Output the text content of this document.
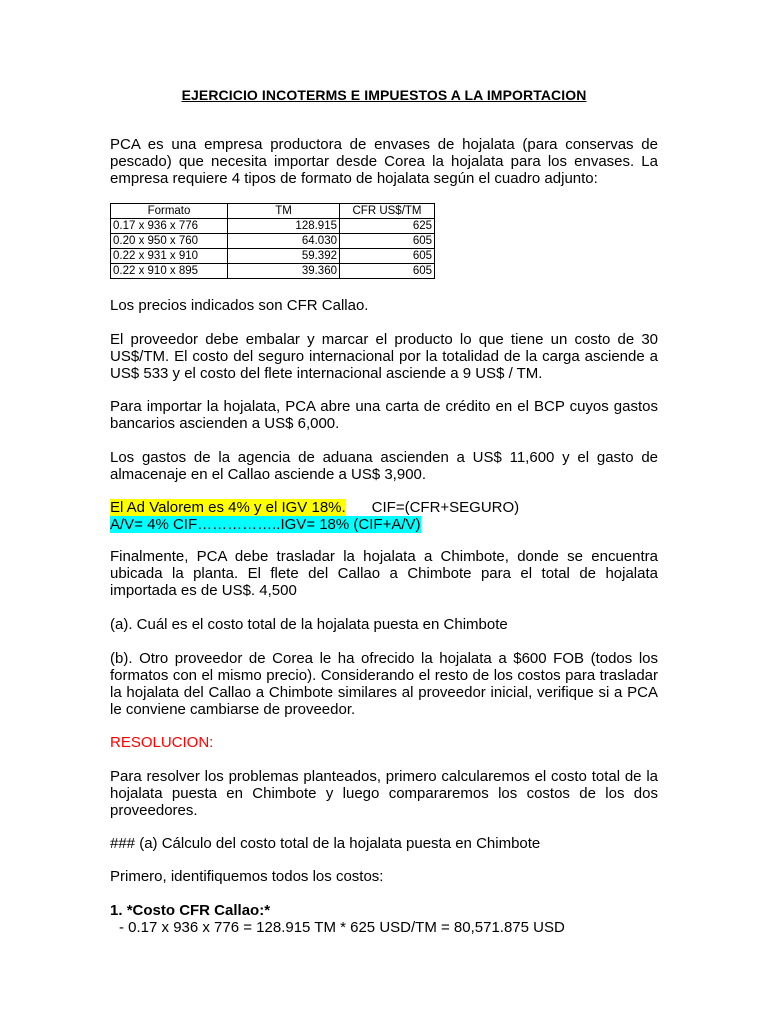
EJERCICIO INCOTERMS E IMPUESTOS A LA IMPORTACION
PCA es una empresa productora de envases de hojalata (para conservas de pescado) que necesita importar desde Corea la hojalata para los envases. La empresa requiere 4 tipos de formato de hojalata según el cuadro adjunto:
Formato	TM	CFR US$/TM
0.17 x 936 x 776	128.915	625
0.20 x 950 x 760	64.030	605
0.22 x 931 x 910	59.392	605
0.22 x 910 x 895	39.360	605
Los precios indicados son CFR Callao.
El proveedor debe embalar y marcar el producto lo que tiene un costo de 30 US$/TM. El costo del seguro internacional por la totalidad de la carga asciende a US$ 533 y el costo del flete internacional asciende a 9 US$ / TM.
Para importar la hojalata, PCA abre una carta de crédito en el BCP cuyos gastos bancarios ascienden a US$ 6,000.
Los gastos de la agencia de aduana ascienden a US$ 11,600 y el gasto de almacenaje en el Callao asciende a US$ 3,900.

El Ad Valorem es 4% y el IGV 18%. CIF=(CFR+SEGURO)

A/V= 4% CIF……………..IGV= 18% (CIF+A/V)

Finalmente, PCA debe trasladar la hojalata a Chimbote, donde se encuentra ubicada la planta. El flete del Callao a Chimbote para el total de hojalata importada es de US$. 4,500
(a). Cuál es el costo total de la hojalata puesta en Chimbote
(b). Otro proveedor de Corea le ha ofrecido la hojalata a $600 FOB (todos los formatos con el mismo precio). Considerando el resto de los costos para trasladar la hojalata del Callao a Chimbote similares al proveedor inicial, verifique si a PCA le conviene cambiarse de proveedor.
RESOLUCION:
Para resolver los problemas planteados, primero calcularemos el costo total de la hojalata puesta en Chimbote y luego compararemos los costos de los dos proveedores.
### (a) Cálculo del costo total de la hojalata puesta en Chimbote
Primero, identifiquemos todos los costos:

1. *Costo CFR Callao:*

- 0.17 x 936 x 776 = 128.915 TM * 625 USD/TM = 80,571.875 USD
